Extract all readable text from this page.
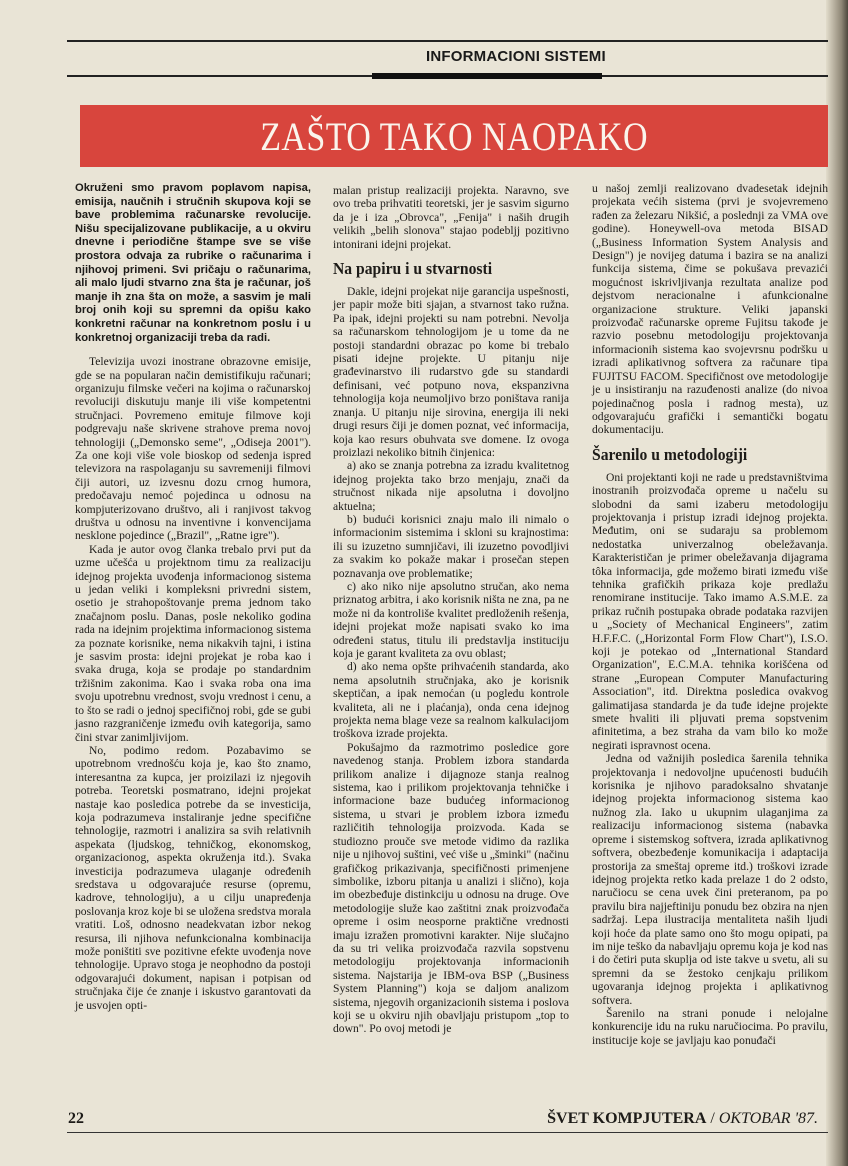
INFORMACIONI SISTEMI
ZAŠTO TAKO NAOPAKO

Okruženi smo pravom poplavom napisa, emisija, naučnih i stručnih skupova koji se bave problemima računarske revolucije. Nišu specijalizovane publikacije, a u okviru dnevne i periodične štampe sve se više prostora odvaja za rubrike o računarima i njihovoj primeni. Svi pričaju o računarima, ali malo ljudi stvarno zna šta je računar, još manje ih zna šta on može, a sasvim je mali broj onih koji su spremni da opišu kako konkretni računar na konkretnom poslu i u konkretnoj organizaciji treba da radi.

Televizija uvozi inostrane obrazovne emisije, gde se na popularan način demistifikuju računari; organizuju filmske večeri na kojima o računarskoj revoluciji diskutuju manje ili više kompetentni stručnjaci. Povremeno emituje filmove koji podgrevaju naše skrivene strahove prema novoj tehnologiji („Demonsko seme", „Odiseja 2001"). Za one koji više vole bioskop od sedenja ispred televizora na raspolaganju su savremeniji filmovi čiji autori, uz izvesnu dozu crnog humora, predočavaju nemoć pojedinca u odnosu na kompjuterizovano društvo, ali i ranjivost takvog društva u odnosu na inventivne i konvencijama nesklone pojedince („Brazil", „Ratne igre").

Kada je autor ovog članka trebalo prvi put da uzme učešća u projektnom timu za realizaciju idejnog projekta uvođenja informacionog sistema u jedan veliki i kompleksni privredni sistem, osetio je strahopoštovanje prema jednom tako značajnom poslu. Danas, posle nekoliko godina rada na idejnim projektima informacionog sistema za poznate korisnike, nema nikakvih tajni, i istina je sasvim prosta: idejni projekat je roba kao i svaka druga, koja se prodaje po standardnim tržišnim zakonima. Kao i svaka roba ona ima svoju upotrebnu vrednost, svoju vrednost i cenu, a to što se radi o jednoj specifičnoj robi, gde se gubi jasno razgraničenje između ovih kategorija, samo čini stvar zanimljivijom.

No, podimo redom. Pozabavimo se upotrebnom vrednošću koja je, kao što znamo, interesantna za kupca, jer proizilazi iz njegovih potreba. Teoretski posmatrano, idejni projekat nastaje kao posledica potrebe da se investicija, koja podrazumeva instaliranje jedne specifične tehnologije, razmotri i analizira sa svih relativnih aspekata (ljudskog, tehničkog, ekonomskog, organizacionog, aspekta okruženja itd.). Svaka investicija podrazumeva ulaganje određenih sredstava u odgovarajuće resurse (opremu, kadrove, tehnologiju), a u cilju unapređenja poslovanja kroz koje bi se uložena sredstva morala vratiti. Loš, odnosno neadekvatan izbor nekog resursa, ili njihova nefunkcionalna kombinacija može poništiti sve pozitivne efekte uvođenja nove tehnologije. Upravo stoga je neophodno da postoji odgovarajući dokument, napisan i potpisan od stručnjaka čije će znanje i iskustvo garantovati da je usvojen opti-

malan pristup realizaciji projekta. Naravno, sve ovo treba prihvatiti teoretski, jer je sasvim sigurno da je i iza „Obrovca", „Fenija" i naših drugih velikih „belih slonova" stajao podebljj pozitivno intonirani idejni projekat.

Na papiru i u stvarnosti

Dakle, idejni projekat nije garancija uspešnosti, jer papir može biti sjajan, a stvarnost tako ružna. Pa ipak, idejni projekti su nam potrebni. Nevolja sa računarskom tehnologijom je u tome da ne postoji standardni obrazac po kome bi trebalo pisati idejne projekte. U pitanju nije građevinarstvo ili rudarstvo gde su standardi definisani, već potpuno nova, ekspanzivna tehnologija koja neumoljivo brzo poništava ranija znanja. U pitanju nije sirovina, energija ili neki drugi resurs čiji je domen poznat, već informacija, koja kao resurs obuhvata sve domene. Iz ovoga proizlazi nekoliko bitnih činjenica:

a) ako se znanja potrebna za izradu kvalitetnog idejnog projekta tako brzo menjaju, znači da stručnost nikada nije apsolutna i dovoljno aktuelna;

b) budući korisnici znaju malo ili nimalo o informacionim sistemima i skloni su krajnostima: ili su izuzetno sumnjičavi, ili izuzetno povodljivi za svakim ko pokaže makar i prosečan stepen poznavanja ove problematike;

c) ako niko nije apsolutno stručan, ako nema priznatog arbitra, i ako korisnik ništa ne zna, pa ne može ni da kontroliše kvalitet predloženih rešenja, idejni projekat može napisati svako ko ima određeni status, titulu ili predstavlja instituciju koja je garant kvaliteta za ovu oblast;

d) ako nema opšte prihvaćenih standarda, ako nema apsolutnih stručnjaka, ako je korisnik skeptičan, a ipak nemoćan (u pogledu kontrole kvaliteta, ali ne i plaćanja), onda cena idejnog projekta nema blage veze sa realnom kalkulacijom troškova izrade projekta.

Pokušajmo da razmotrimo posledice gore navedenog stanja. Problem izbora standarda prilikom analize i dijagnoze stanja realnog sistema, kao i prilikom projektovanja tehničke i informacione baze budućeg informacionog sistema, u stvari je problem izbora između različitih tehnologija proizvoda. Kada se studiozno prouče sve metode vidimo da razlika nije u njihovoj suštini, već više u „šminki" (načinu grafičkog prikazivanja, specifičnosti primenjene simbolike, izboru pitanja u analizi i slično), koja im obezbeđuje distinkciju u odnosu na druge. Ove metodologije služe kao zaštitni znak proizvođača opreme i osim neosporne praktične vrednosti imaju izražen promotivni karakter. Nije slučajno da su tri velika proizvođača razvila sopstvenu metodologiju projektovanja informacionih sistema. Najstarija je IBM-ova BSP („Business System Planning") koja se daljom analizom sistema, njegovih organizacionih sistema i poslova koji se u okviru njih obavljaju pristupom „top to down". Po ovoj metodi je

u našoj zemlji realizovano dvadesetak idejnih projekata većih sistema (prvi je svojevremeno rađen za železaru Nikšić, a poslednji za VMA ove godine). Honeywell-ova metoda BISAD („Business Information System Analysis and Design") je novijeg datuma i bazira se na analizi funkcija sistema, čime se pokušava prevazići mogućnost iskrivljivanja rezultata analize pod dejstvom neracionalne i afunkcionalne organizacione strukture. Veliki japanski proizvođač računarske opreme Fujitsu takođe je razvio posebnu metodologiju projektovanja informacionih sistema kao svojevrsnu podršku u izradi aplikativnog softvera za računare tipa FUJITSU FACOM. Specifičnost ove metodologije je u insistiranju na razuđenosti analize (do nivoa pojedinačnog posla i radnog mesta), uz odgovarajuću grafički i semantički bogatu dokumentaciju.

Šarenilo u metodologiji

Oni projektanti koji ne rade u predstavništvima inostranih proizvođača opreme u načelu su slobodni da sami izaberu metodologiju projektovanja i pristup izradi idejnog projekta. Međutim, oni se sudaraju sa problemom nedostatka univerzalnog obeležavanja. Karakterističan je primer obeležavanja dijagrama tôka informacija, gde možemo birati između više tehnika grafičkih prikaza koje predlažu renomirane institucije. Tako imamo A.S.M.E. za prikaz ručnih postupaka obrade podataka razvijen u „Society of Mechanical Engineers", zatim H.F.F.C. („Horizontal Form Flow Chart"), I.S.O. koji je potekao od „International Standard Organization", E.C.M.A. tehnika korišćena od strane „European Computer Manufacturing Association", itd. Direktna posledica ovakvog galimatijasa standarda je da tuđe idejne projekte smete hvaliti ili pljuvati prema sopstvenim afinitetima, a bez straha da vam bilo ko može negirati ispravnost ocena.

Jedna od važnijih posledica šarenila tehnika projektovanja i nedovoljne upućenosti budućih korisnika je njihovo paradoksalno shvatanje idejnog projekta informacionog sistema kao nužnog zla. Iako u ukupnim ulaganjima za realizaciju informacionog sistema (nabavka opreme i sistemskog softvera, izrada aplikativnog softvera, obezbeđenje komunikacija i adaptacija prostorija za smeštaj opreme itd.) troškovi izrade idejnog projekta retko kada prelaze 1 do 2 odsto, naručiocu se cena uvek čini preteranom, pa po pravilu bira najjeftiniju ponudu bez obzira na njen sadržaj. Lepa ilustracija mentaliteta naših ljudi koji hoće da plate samo ono što mogu opipati, pa im nije teško da nabavljaju opremu koja je kod nas i do četiri puta skuplja od iste takve u svetu, ali su spremni da se žestoko cenjkaju prilikom ugovaranja idejnog projekta i aplikativnog softvera.

Šarenilo na strani ponude i nelojalne konkurencije idu na ruku naručiocima. Po pravilu, institucije koje se javljaju kao ponuđači

22	ŠVET KOMPJUTERA / OKTOBAR '87.
